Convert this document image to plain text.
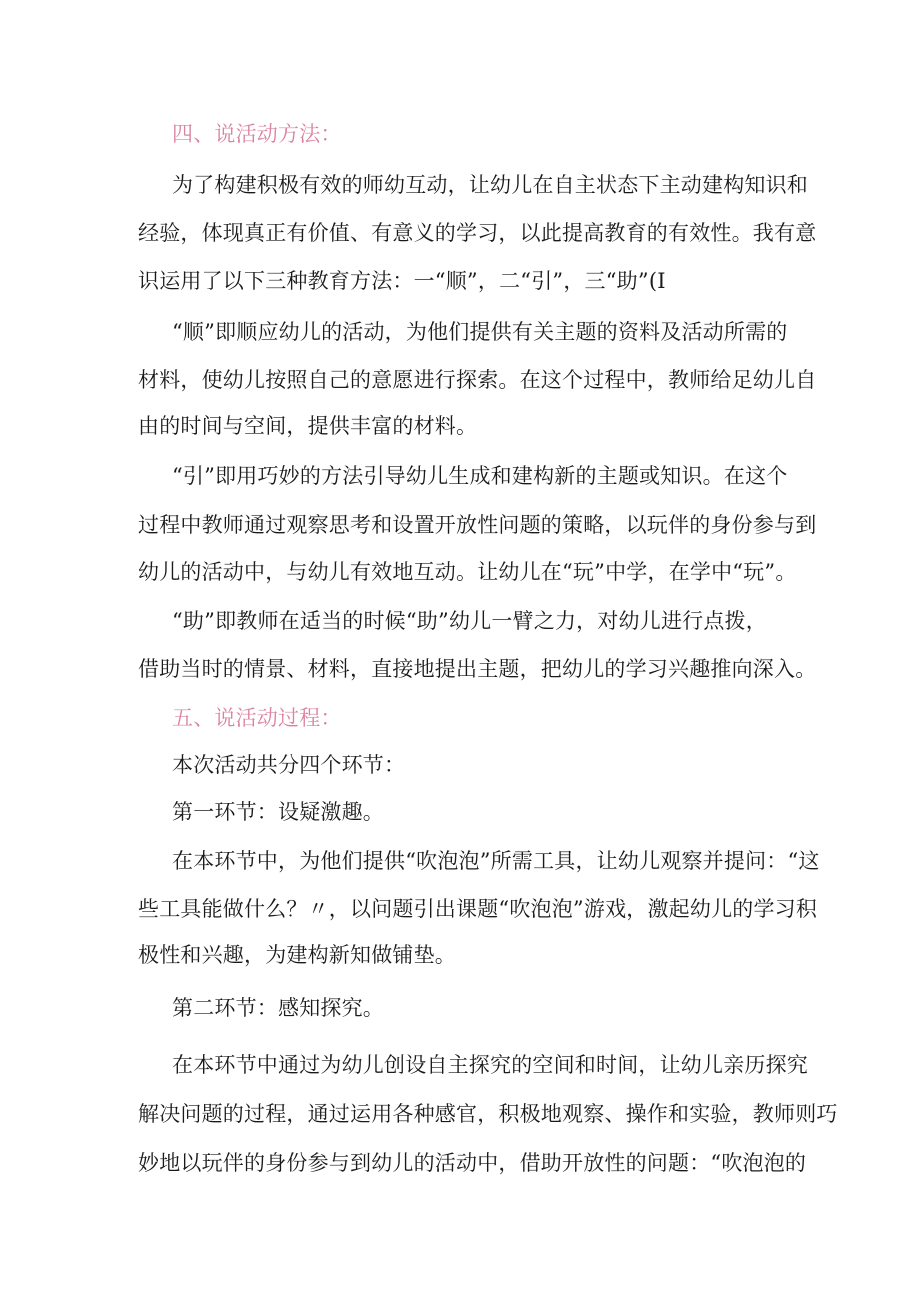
四、说活动方法：
为了构建积极有效的师幼互动，让幼儿在自主状态下主动建构知识和
经验，体现真正有价值、有意义的学习，以此提高教育的有效性。我有意
识运用了以下三种教育方法：一“顺”，二“引”，三“助”(I
“顺”即顺应幼儿的活动，为他们提供有关主题的资料及活动所需的
材料，使幼儿按照自己的意愿进行探索。在这个过程中，教师给足幼儿自
由的时间与空间，提供丰富的材料。
“引”即用巧妙的方法引导幼儿生成和建构新的主题或知识。在这个
过程中教师通过观察思考和设置开放性问题的策略，以玩伴的身份参与到
幼儿的活动中，与幼儿有效地互动。让幼儿在“玩”中学，在学中“玩”。
“助”即教师在适当的时候“助”幼儿一臂之力，对幼儿进行点拨，
借助当时的情景、材料，直接地提出主题，把幼儿的学习兴趣推向深入。
五、说活动过程：
本次活动共分四个环节：
第一环节：设疑激趣。
在本环节中，为他们提供“吹泡泡”所需工具，让幼儿观察并提问：“这
些工具能做什么？〃，以问题引出课题“吹泡泡”游戏，激起幼儿的学习积
极性和兴趣，为建构新知做铺垫。
第二环节：感知探究。
在本环节中通过为幼儿创设自主探究的空间和时间，让幼儿亲历探究
解决问题的过程，通过运用各种感官，积极地观察、操作和实验，教师则巧
妙地以玩伴的身份参与到幼儿的活动中，借助开放性的问题：“吹泡泡的
